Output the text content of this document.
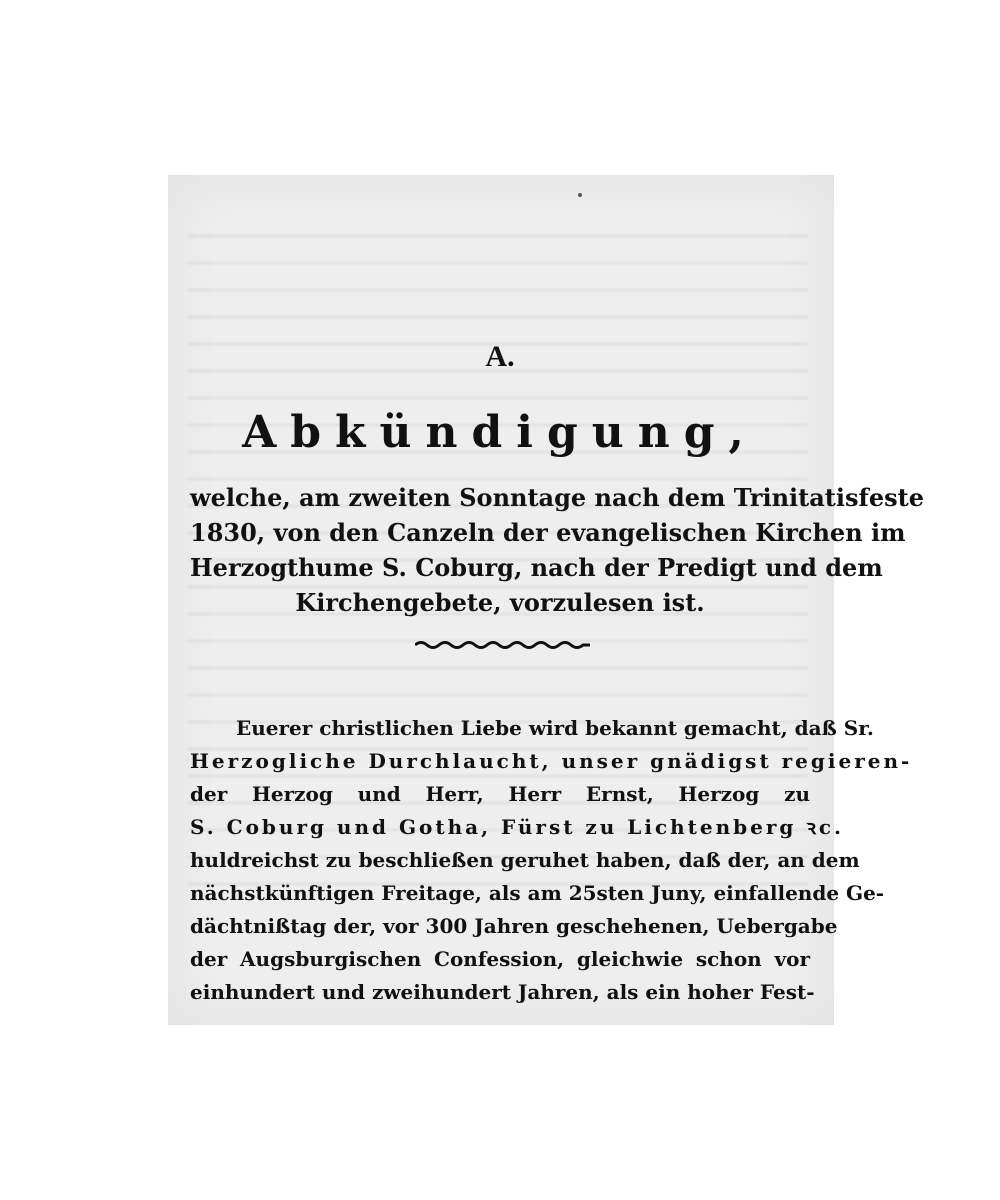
A.
Abkündigung,
welche, am zweiten Sonntage nach dem Trinitatisfeste
1830, von den Canzeln der evangelischen Kirchen im
Herzogthume S. Coburg, nach der Predigt und dem
Kirchengebete, vorzulesen ist.
Euerer christlichen Liebe wird bekannt gemacht, daß Sr.
Herzogliche Durchlaucht, unser gnädigst regieren-
der Herzog und Herr, Herr Ernst, Herzog zu
S. Coburg und Gotha, Fürst zu Lichtenberg ꝛc.
huldreichst zu beschließen geruhet haben, daß der, an dem
nächstkünftigen Freitage, als am 25sten Juny, einfallende Ge-
dächtnißtag der, vor 300 Jahren geschehenen, Uebergabe
der Augsburgischen Confession, gleichwie schon vor
einhundert und zweihundert Jahren, als ein hoher Fest-
